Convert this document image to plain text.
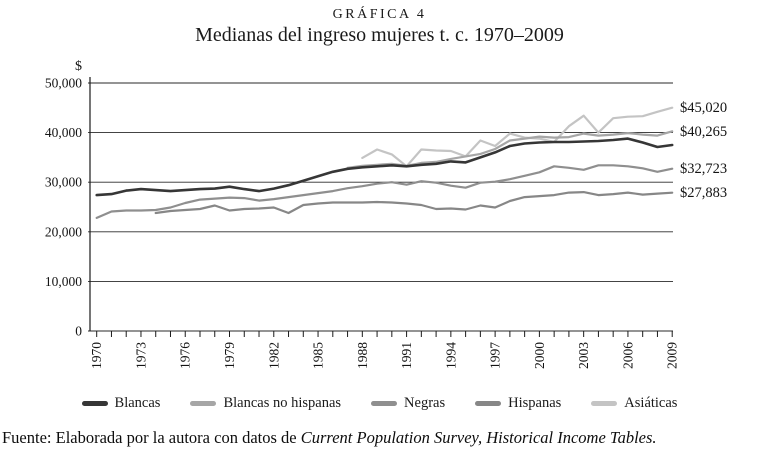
GRÁFICA 4
Medianas del ingreso mujeres t. c. 1970–2009
0
10,000
20,000
30,000
40,000
50,000
$
1970 1973 1976 1979 1982 1985 1988 1991 1994 1997 2000 2003 2006 2009
$40,265
$32,723
$27,883
$45,020
Blancas	Blancas no hispanas	Negras	Hispanas	Asiáticas
Fuente: Elaborada por la autora con datos de Current Population Survey, Historical Income Tables.
